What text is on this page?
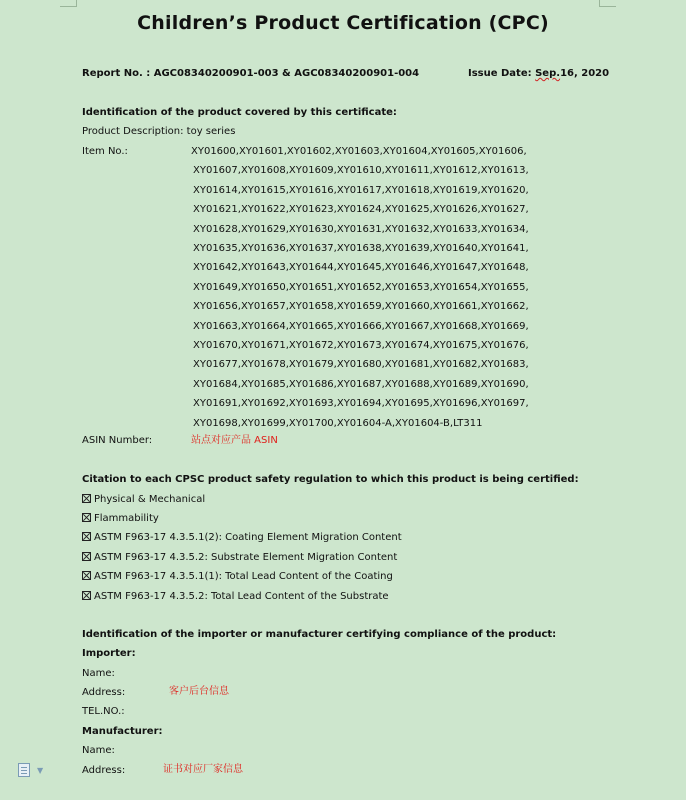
Children’s Product Certification (CPC)
Report No. : AGC08340200901-003 & AGC08340200901-004	Issue Date: Sep.16, 2020
Identification of the product covered by this certificate:
Product Description: toy series
Item No.:	XY01600,XY01601,XY01602,XY01603,XY01604,XY01605,XY01606,
XY01607,XY01608,XY01609,XY01610,XY01611,XY01612,XY01613,
XY01614,XY01615,XY01616,XY01617,XY01618,XY01619,XY01620,
XY01621,XY01622,XY01623,XY01624,XY01625,XY01626,XY01627,
XY01628,XY01629,XY01630,XY01631,XY01632,XY01633,XY01634,
XY01635,XY01636,XY01637,XY01638,XY01639,XY01640,XY01641,
XY01642,XY01643,XY01644,XY01645,XY01646,XY01647,XY01648,
XY01649,XY01650,XY01651,XY01652,XY01653,XY01654,XY01655,
XY01656,XY01657,XY01658,XY01659,XY01660,XY01661,XY01662,
XY01663,XY01664,XY01665,XY01666,XY01667,XY01668,XY01669,
XY01670,XY01671,XY01672,XY01673,XY01674,XY01675,XY01676,
XY01677,XY01678,XY01679,XY01680,XY01681,XY01682,XY01683,
XY01684,XY01685,XY01686,XY01687,XY01688,XY01689,XY01690,
XY01691,XY01692,XY01693,XY01694,XY01695,XY01696,XY01697,
XY01698,XY01699,XY01700,XY01604-A,XY01604-B,LT311
ASIN Number:	站点对应产品 ASIN
Citation to each CPSC product safety regulation to which this product is being certified:
Physical & Mechanical
Flammability
ASTM F963-17 4.3.5.1(2): Coating Element Migration Content
ASTM F963-17 4.3.5.2: Substrate Element Migration Content
ASTM F963-17 4.3.5.1(1): Total Lead Content of the Coating
ASTM F963-17 4.3.5.2: Total Lead Content of the Substrate
Identification of the importer or manufacturer certifying compliance of the product:
Importer:
Name:
Address:	客户后台信息
TEL.NO.:
Manufacturer:
Name:
Address:	证书对应厂家信息
▼
